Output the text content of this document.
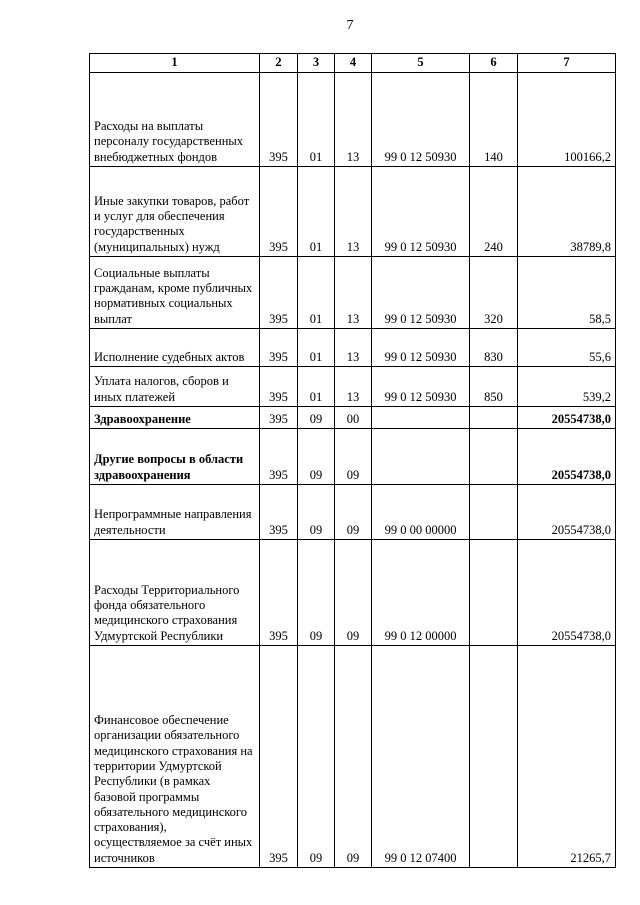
7
1	2	3	4	5	6	7
Расходы на выплаты персоналу государственных внебюджетных фондов	395	01	13	99 0 12 50930	140	100166,2
Иные закупки товаров, работ и услуг для обеспечения государственных (муниципальных) нужд	395	01	13	99 0 12 50930	240	38789,8
Социальные выплаты гражданам, кроме публичных нормативных социальных выплат	395	01	13	99 0 12 50930	320	58,5
Исполнение судебных актов	395	01	13	99 0 12 50930	830	55,6
Уплата налогов, сборов и иных платежей	395	01	13	99 0 12 50930	850	539,2
Здравоохранение	395	09	00			20554738,0
Другие вопросы в области здравоохранения	395	09	09			20554738,0
Непрограммные направления деятельности	395	09	09	99 0 00 00000		20554738,0
Расходы Территориального фонда обязательного медицинского страхования Удмуртской Республики	395	09	09	99 0 12 00000		20554738,0
Финансовое обеспечение организации обязательного медицинского страхования на территории Удмуртской Республики (в рамках базовой программы обязательного медицинского страхования), осуществляемое за счёт иных источников	395	09	09	99 0 12 07400		21265,7
